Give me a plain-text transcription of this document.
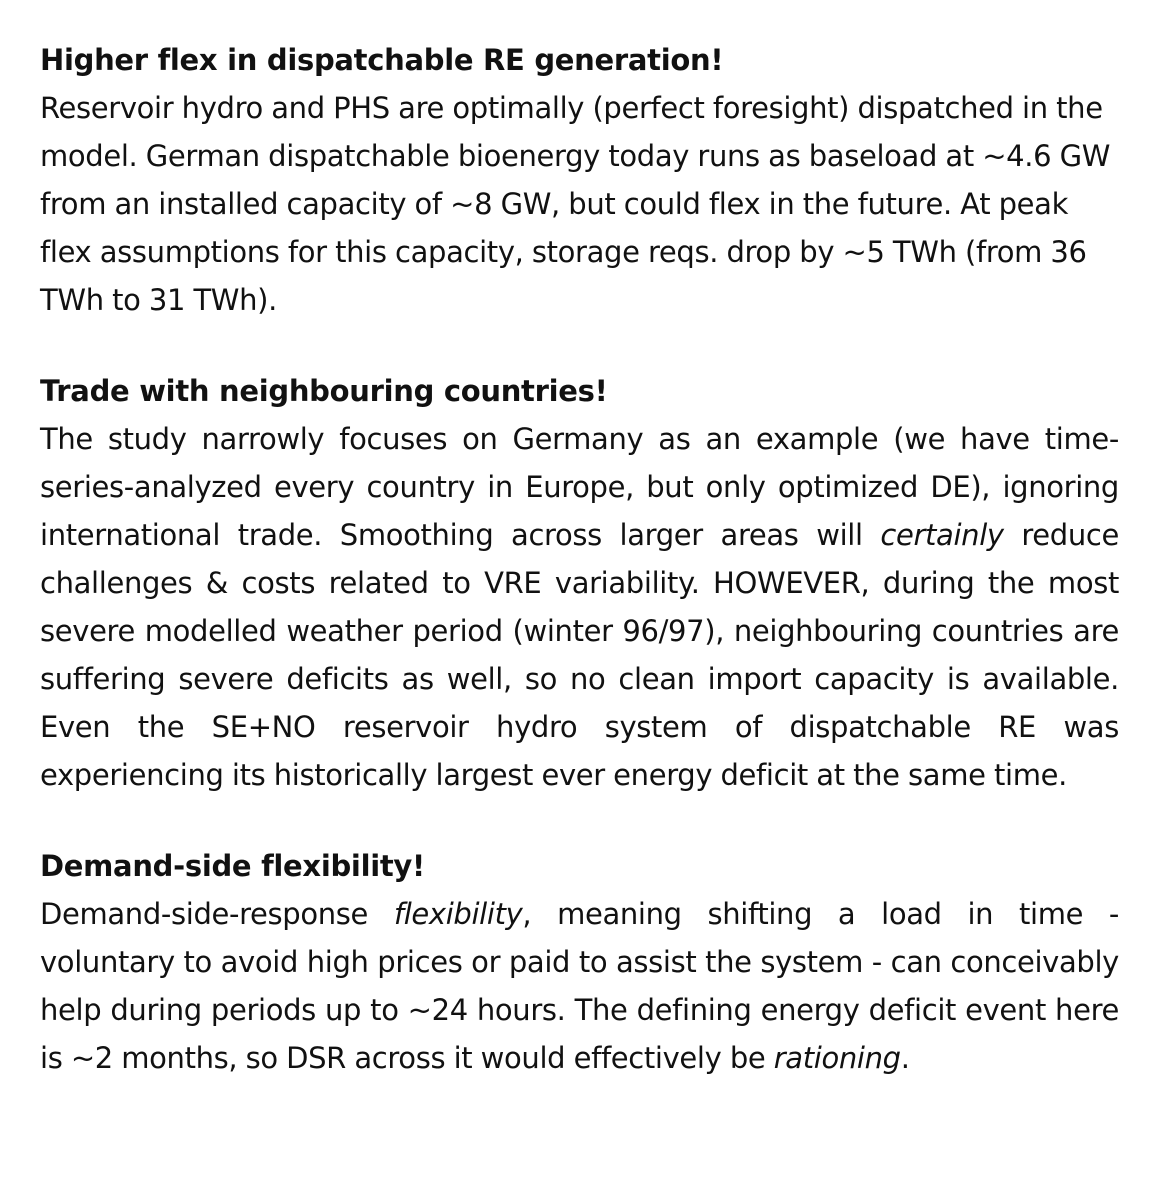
Higher flex in dispatchable RE generation!

Reservoir hydro and PHS are optimally (perfect foresight) dispatched in the model. German dispatchable bioenergy today runs as baseload at ~4.6 GW from an installed capacity of ~8 GW, but could flex in the future. At peak flex assumptions for this capacity, storage reqs. drop by ~5 TWh (from 36 TWh to 31 TWh).

Trade with neighbouring countries!

The study narrowly focuses on Germany as an example (we have time-series-analyzed every country in Europe, but only optimized DE), ignoring international trade. Smoothing across larger areas will certainly reduce challenges & costs related to VRE variability. HOWEVER, during the most severe modelled weather period (winter 96/97), neighbouring countries are suffering severe deficits as well, so no clean import capacity is available. Even the SE+NO reservoir hydro system of dispatchable RE was experiencing its historically largest ever energy deficit at the same time.

Demand-side flexibility!

Demand-side-response flexibility, meaning shifting a load in time - voluntary to avoid high prices or paid to assist the system - can conceivably help during periods up to ~24 hours. The defining energy deficit event here is ~2 months, so DSR across it would effectively be rationing.
